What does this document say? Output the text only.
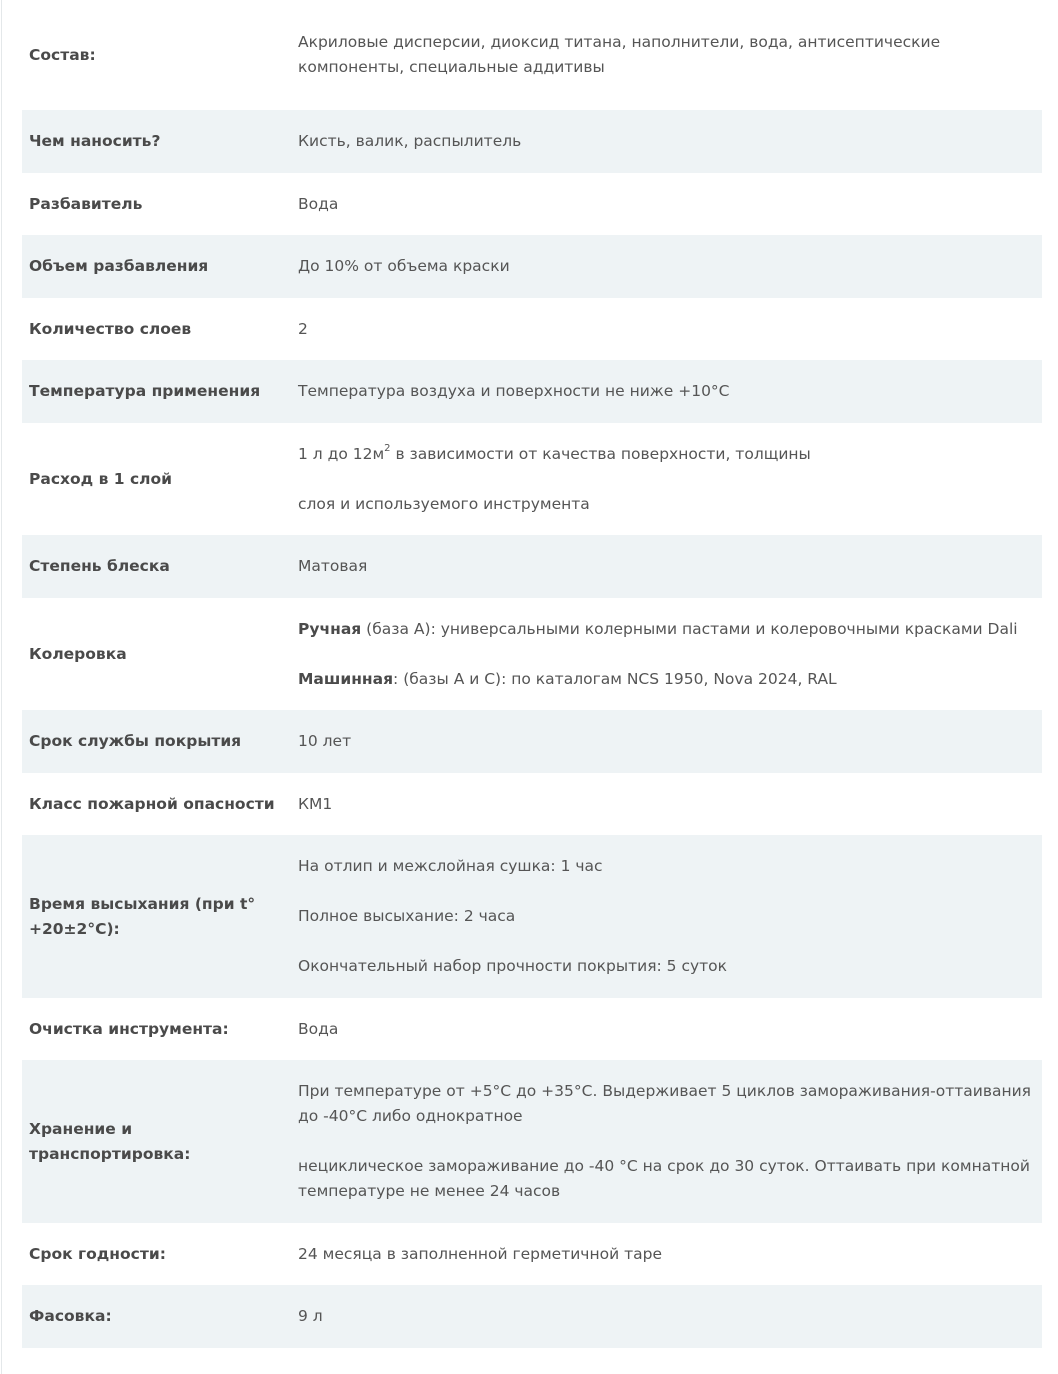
Состав:	Акриловые дисперсии, диоксид титана, наполнители, вода, антисептические компоненты, специальные аддитивы

Чем наносить?	Кисть, валик, распылитель

Разбавитель	Вода

Объем разбавления	До 10% от объема краски

Количество слоев	2

Температура применения	Температура воздуха и поверхности не ниже +10°C

Расход в 1 слой	1 л до $12м^2$ в зависимости от качества поверхности, толщины

слоя и используемого инструмента

Степень блеска	Матовая

Колеровка	Ручная (база А): универсальными колерными пастами и колеровочными красками Dali

Машинная: (базы А и С): по каталогам NCS 1950, Nova 2024, RAL

Срок службы покрытия	10 лет

Класс пожарной опасности	КМ1

Время высыхания (при t° +20±2°C):	На отлип и межслойная сушка: 1 час

Полное высыхание: 2 часа

Окончательный набор прочности покрытия: 5 суток

Очистка инструмента:	Вода

Хранение и транспортировка:	При температуре от +5°С до +35°С. Выдерживает 5 циклов замораживания-оттаивания до -40°С либо однократное

нециклическое замораживание до -40 °С на срок до 30 суток. Оттаивать при комнатной температуре не менее 24 часов

Срок годности:	24 месяца в заполненной герметичной таре

Фасовка:	9 л
